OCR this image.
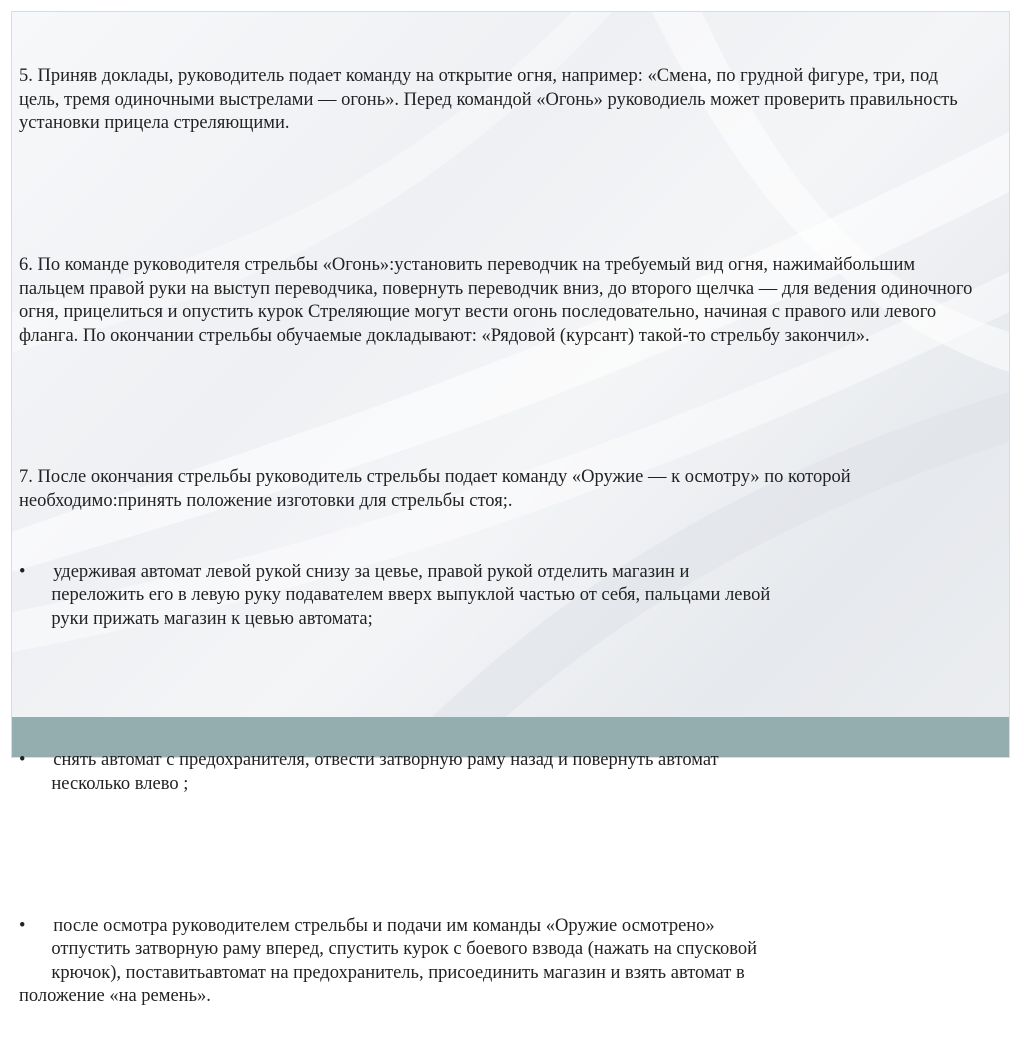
5. Приняв доклады, руководитель подает команду на открытие огня, например: «Смена, по грудной фигуре, три, под цель, тремя одиночными выстрелами — огонь». Перед командой «Огонь» руководиель может проверить правильность установки прицела стреляющими.

6. По команде руководителя стрельбы «Огонь»:установить переводчик на требуемый вид огня, нажимайбольшим пальцем правой руки на выступ переводчика, повернуть переводчик вниз, до второго щелчка — для ведения одиночного огня, прицелиться и опустить курок Стреляющие могут вести огонь последовательно, начиная с правого или левого фланга. По окончании стрельбы обучаемые докладывают: «Рядовой (курсант) такой-то стрельбу закончил».

7. После окончания стрельбы руководитель стрельбы подает команду «Оружие — к осмотру» по которой необходимо:принять положение изготовки для стрельбы стоя;.

•      удерживая автомат левой рукой снизу за цевье, правой рукой отделить магазин и
переложить его в левую руку подавателем вверх выпуклой частью от себя, пальцами левой
руки прижать магазин к цевью автомата;

•      снять автомат с предохранителя, отвести затворную раму назад и повернуть автомат
несколько влево ;

•      после осмотра руководителем стрельбы и подачи им команды «Оружие осмотрено»
отпустить затворную раму вперед, спустить курок с боевого взвода (нажать на спусковой
крючок), поставитьавтомат на предохранитель, присоединить магазин и взять автомат в
положение «на ремень».
